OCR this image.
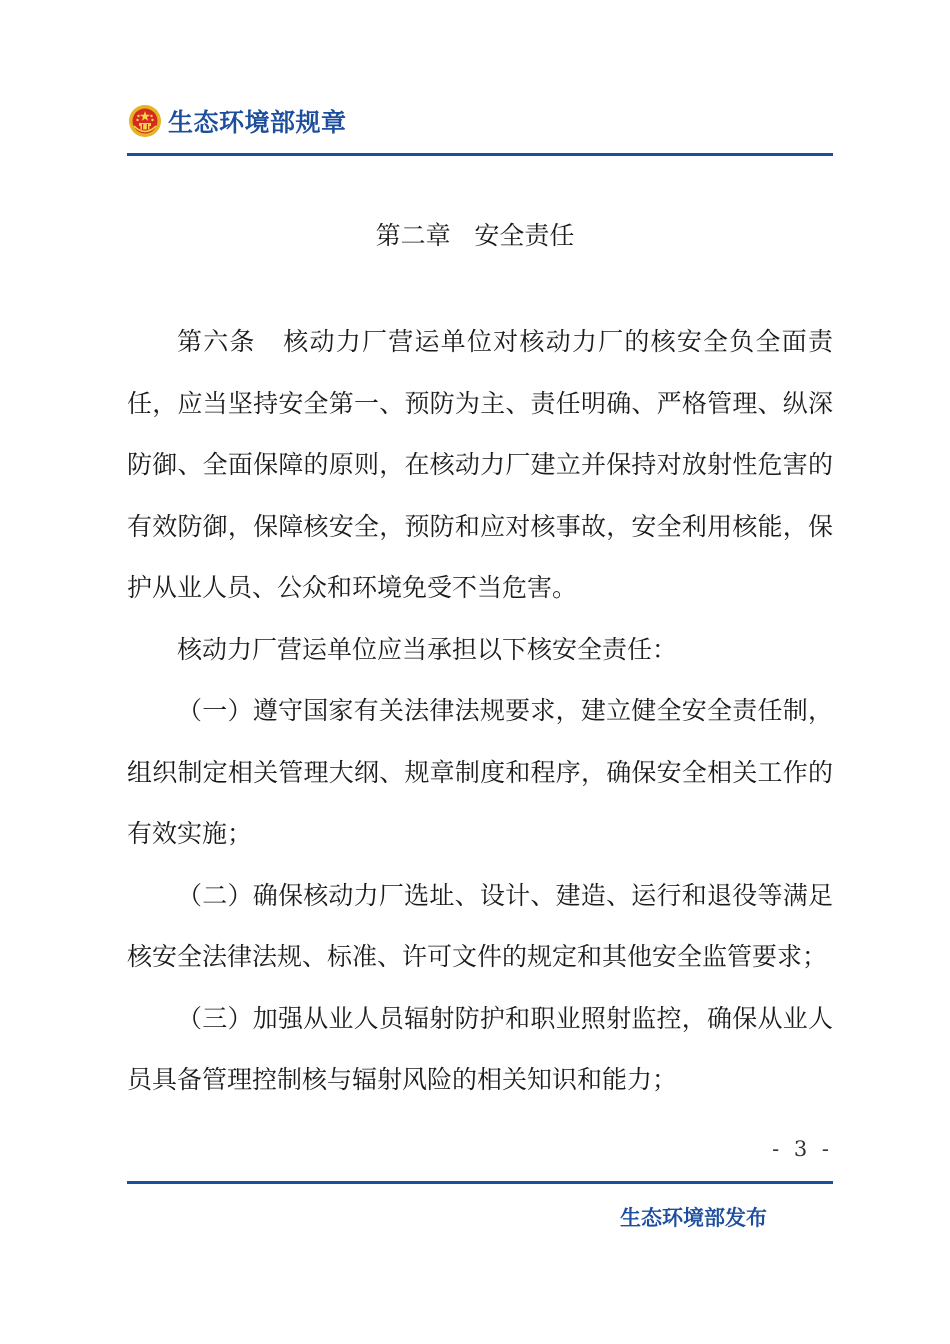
生态环境部规章
第二章   安全责任

第六条   核动力厂营运单位对核动力厂的核安全负全面责任，应当坚持安全第一、预防为主、责任明确、严格管理、纵深防御、全面保障的原则，在核动力厂建立并保持对放射性危害的有效防御，保障核安全，预防和应对核事故，安全利用核能，保护从业人员、公众和环境免受不当危害。

核动力厂营运单位应当承担以下核安全责任：

（一）遵守国家有关法律法规要求，建立健全安全责任制，组织制定相关管理大纲、规章制度和程序，确保安全相关工作的有效实施；

（二）确保核动力厂选址、设计、建造、运行和退役等满足核安全法律法规、标准、许可文件的规定和其他安全监管要求；

（三）加强从业人员辐射防护和职业照射监控，确保从业人员具备管理控制核与辐射风险的相关知识和能力；

- 3 -
生态环境部发布
